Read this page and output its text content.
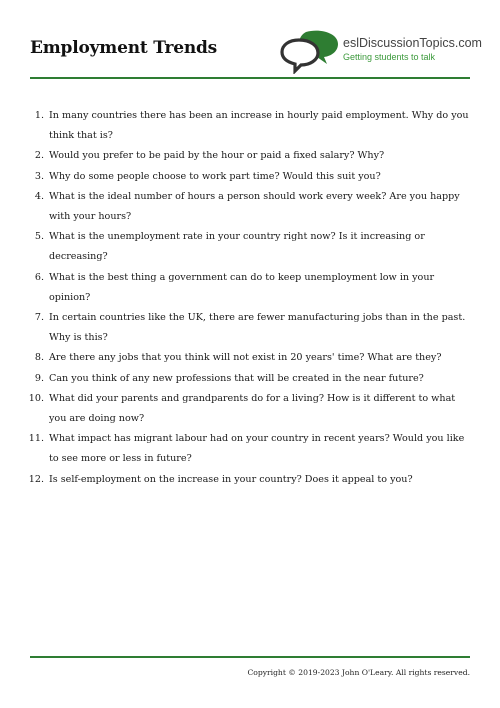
Employment Trends	eslDiscussionTopics.com
Getting students to talk
1. In many countries there has been an increase in hourly paid employment. Why do you think that is?
2. Would you prefer to be paid by the hour or paid a fixed salary? Why?
3. Why do some people choose to work part time? Would this suit you?
4. What is the ideal number of hours a person should work every week? Are you happy with your hours?
5. What is the unemployment rate in your country right now? Is it increasing or decreasing?
6. What is the best thing a government can do to keep unemployment low in your opinion?
7. In certain countries like the UK, there are fewer manufacturing jobs than in the past. Why is this?
8. Are there any jobs that you think will not exist in 20 years' time? What are they?
9. Can you think of any new professions that will be created in the near future?
10. What did your parents and grandparents do for a living? How is it different to what you are doing now?
11. What impact has migrant labour had on your country in recent years? Would you like to see more or less in future?
12. Is self-employment on the increase in your country? Does it appeal to you?
Copyright © 2019-2023 John O'Leary. All rights reserved.
